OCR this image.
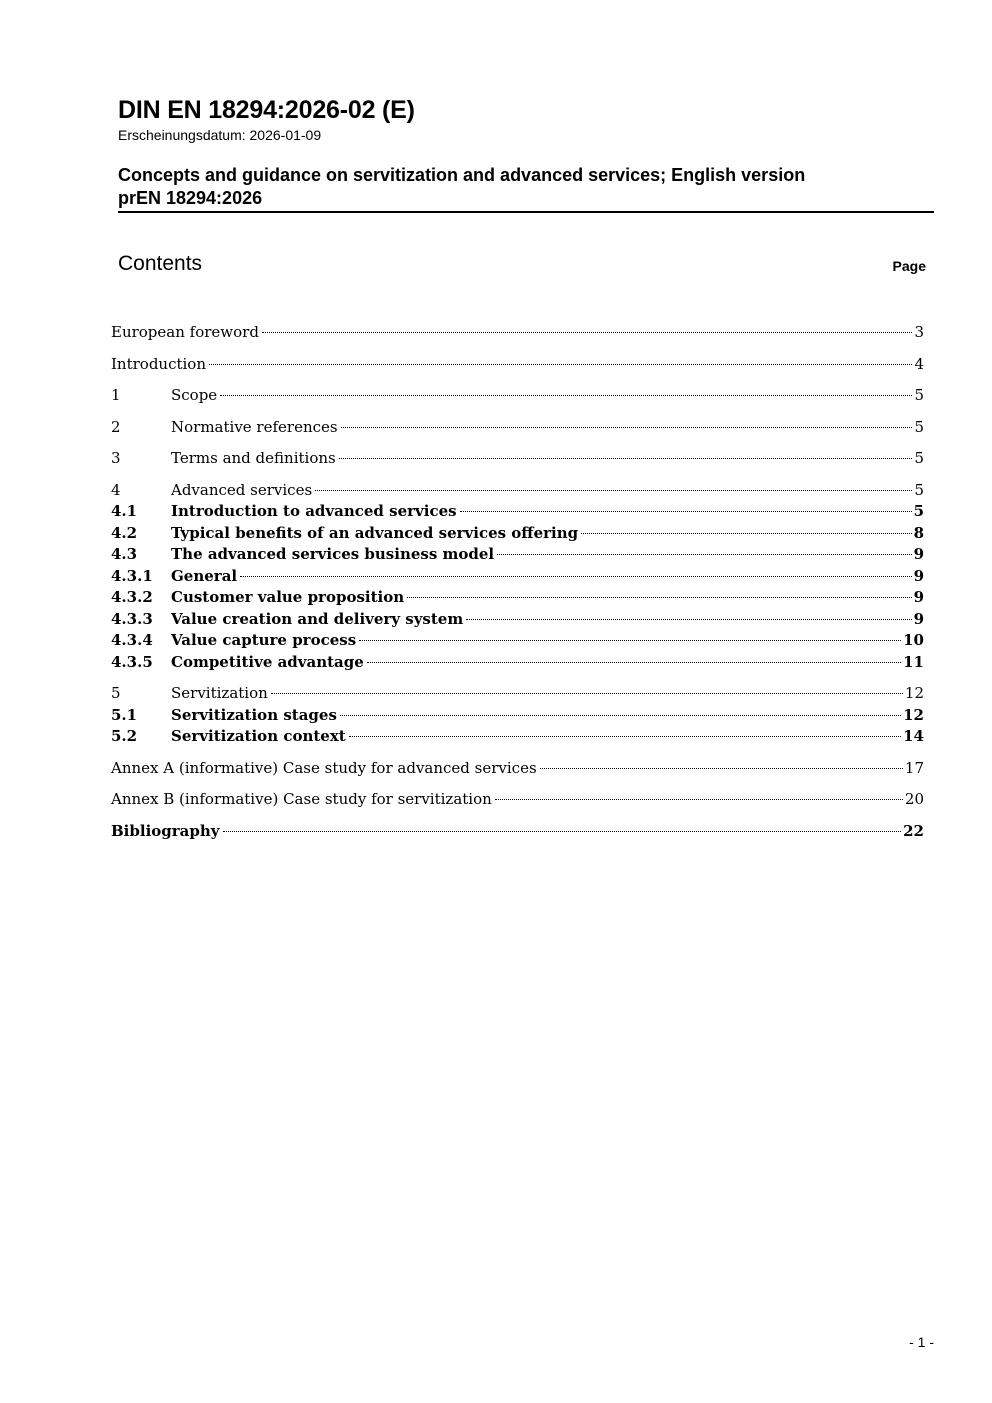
DIN EN 18294:2026-02 (E)
Erscheinungsdatum: 2026-01-09
Concepts and guidance on servitization and advanced services; English version
prEN 18294:2026
Contents	Page
European foreword	3
Introduction	4
1	Scope	5
2	Normative references	5
3	Terms and definitions	5
4	Advanced services	5
4.1	Introduction to advanced services	5
4.2	Typical benefits of an advanced services offering	8
4.3	The advanced services business model	9
4.3.1	General	9
4.3.2	Customer value proposition	9
4.3.3	Value creation and delivery system	9
4.3.4	Value capture process	10
4.3.5	Competitive advantage	11
5	Servitization	12
5.1	Servitization stages	12
5.2	Servitization context	14
Annex A (informative) Case study for advanced services	17
Annex B (informative) Case study for servitization	20
Bibliography	22
- 1 -
